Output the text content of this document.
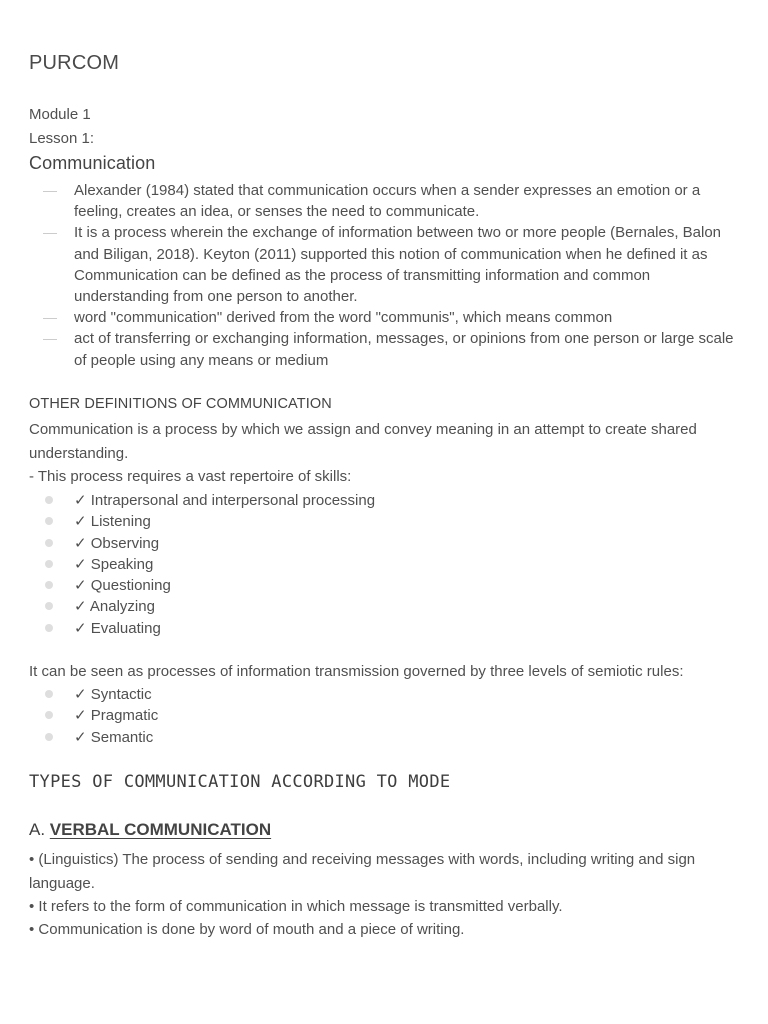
PURCOM
Module 1
Lesson 1:
Communication
— Alexander (1984) stated that communication occurs when a sender expresses an emotion or a feeling, creates an idea, or senses the need to communicate.
— It is a process wherein the exchange of information between two or more people (Bernales, Balon and Biligan, 2018). Keyton (2011) supported this notion of communication when he defined it as Communication can be defined as the process of transmitting information and common understanding from one person to another.
— word "communication" derived from the word "communis", which means common
— act of transferring or exchanging information, messages, or opinions from one person or large scale of people using any means or medium
OTHER DEFINITIONS OF COMMUNICATION

Communication is a process by which we assign and convey meaning in an attempt to create shared understanding.

- This process requires a vast repertoire of skills:

✓ Intrapersonal and interpersonal processing
✓ Listening
✓ Observing
✓ Speaking
✓ Questioning
✓ Analyzing
✓ Evaluating

It can be seen as processes of information transmission governed by three levels of semiotic rules:

✓ Syntactic
✓ Pragmatic
✓ Semantic
TYPES OF COMMUNICATION ACCORDING TO MODE
A. VERBAL COMMUNICATION

• (Linguistics) The process of sending and receiving messages with words, including writing and sign language.

• It refers to the form of communication in which message is transmitted verbally.

• Communication is done by word of mouth and a piece of writing.
